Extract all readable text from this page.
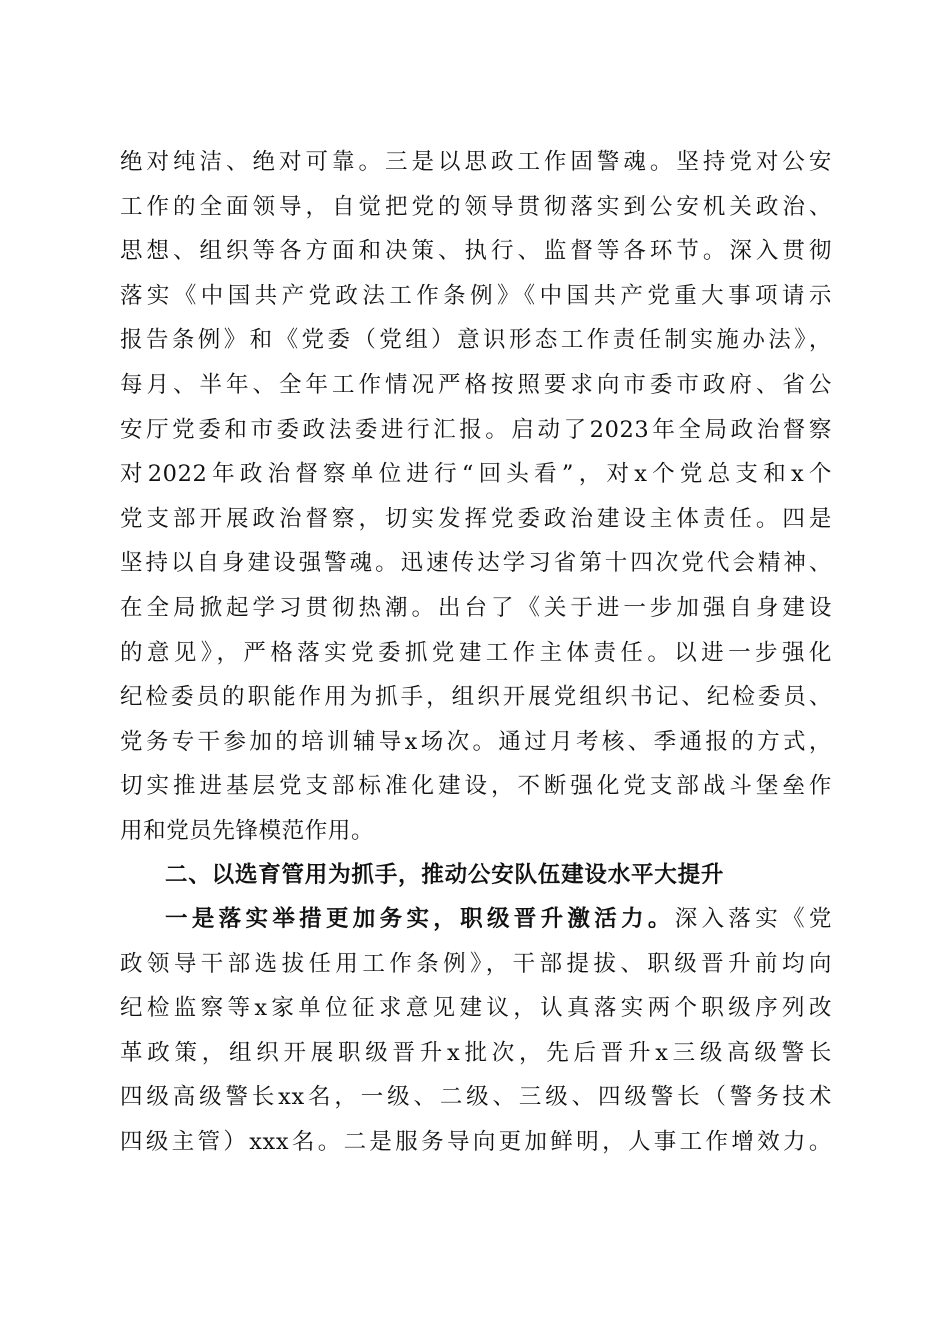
绝对纯洁、绝对可靠。三是以思政工作固警魂。坚持党对公安
工作的全面领导，自觉把党的领导贯彻落实到公安机关政治、
思想、组织等各方面和决策、执行、监督等各环节。深入贯彻
落实《中国共产党政法工作条例》《中国共产党重大事项请示
报告条例》和《党委（党组）意识形态工作责任制实施办法》，
每月、半年、全年工作情况严格按照要求向市委市政府、省公
安厅党委和市委政法委进行汇报。启动了2023年全局政治督察
对2022年政治督察单位进行“回头看”，对x个党总支和x个
党支部开展政治督察，切实发挥党委政治建设主体责任。四是
坚持以自身建设强警魂。迅速传达学习省第十四次党代会精神、
在全局掀起学习贯彻热潮。出台了《关于进一步加强自身建设
的意见》，严格落实党委抓党建工作主体责任。以进一步强化
纪检委员的职能作用为抓手，组织开展党组织书记、纪检委员、
党务专干参加的培训辅导x场次。通过月考核、季通报的方式，
切实推进基层党支部标准化建设，不断强化党支部战斗堡垒作
用和党员先锋模范作用。
二、以选育管用为抓手，推动公安队伍建设水平大提升
一是落实举措更加务实，职级晋升激活力。深入落实《党
政领导干部选拔任用工作条例》，干部提拔、职级晋升前均向
纪检监察等x家单位征求意见建议，认真落实两个职级序列改
革政策，组织开展职级晋升x批次，先后晋升x三级高级警长
四级高级警长xx名，一级、二级、三级、四级警长（警务技术
四级主管）xxx名。二是服务导向更加鲜明，人事工作增效力。
